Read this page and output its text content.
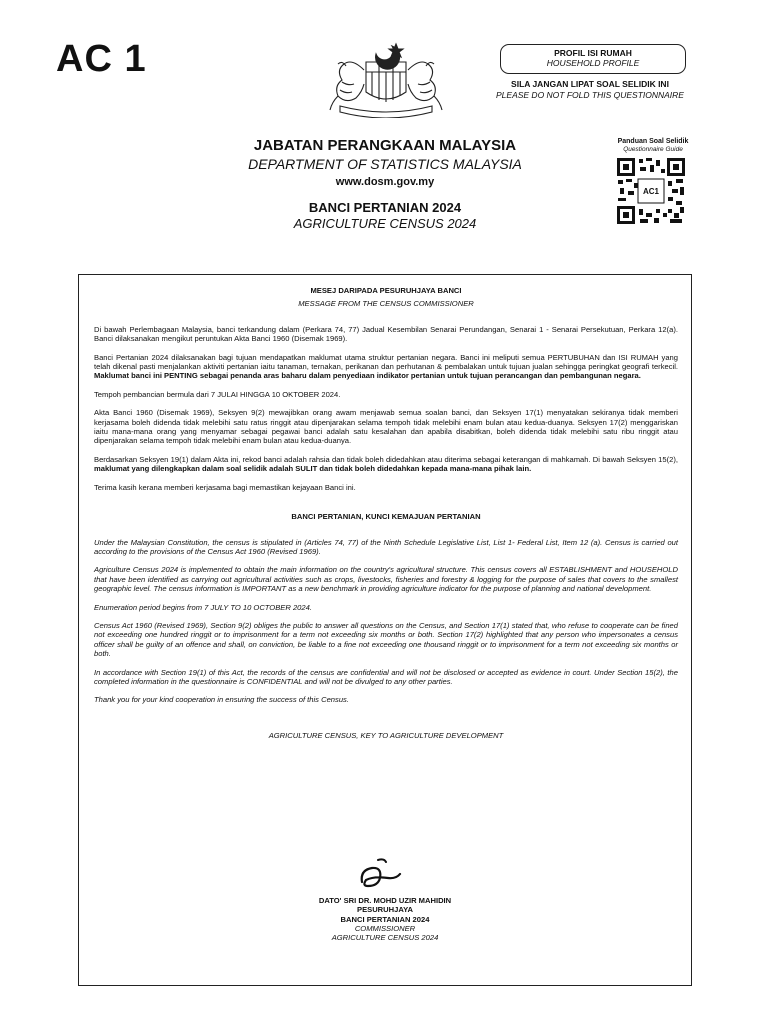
AC 1	PROFIL ISI RUMAH
HOUSEHOLD PROFILE
SILA JANGAN LIPAT SOAL SELIDIK INI
PLEASE DO NOT FOLD THIS QUESTIONNAIRE
JABATAN PERANGKAAN MALAYSIA
DEPARTMENT OF STATISTICS MALAYSIA
www.dosm.gov.my
BANCI PERTANIAN 2024
AGRICULTURE CENSUS 2024
Panduan Soal Selidik
Questionnaire Guide
AC1
MESEJ DARIPADA PESURUHJAYA BANCI
MESSAGE FROM THE CENSUS COMMISSIONER

Di bawah Perlembagaan Malaysia, banci terkandung dalam (Perkara 74, 77) Jadual Kesembilan Senarai Perundangan, Senarai 1 - Senarai Persekutuan, Perkara 12(a). Banci dilaksanakan mengikut peruntukan Akta Banci 1960 (Disemak 1969).

Banci Pertanian 2024 dilaksanakan bagi tujuan mendapatkan maklumat utama struktur pertanian negara. Banci ini meliputi semua PERTUBUHAN dan ISI RUMAH yang telah dikenal pasti menjalankan aktiviti pertanian iaitu tanaman, ternakan, perikanan dan perhutanan & pembalakan untuk tujuan jualan sehingga peringkat geografi terkecil. Maklumat banci ini PENTING sebagai penanda aras baharu dalam penyediaan indikator pertanian untuk tujuan perancangan dan pembangunan negara.

Tempoh pembancian bermula dari 7 JULAI HINGGA 10 OKTOBER 2024.

Akta Banci 1960 (Disemak 1969), Seksyen 9(2) mewajibkan orang awam menjawab semua soalan banci, dan Seksyen 17(1) menyatakan sekiranya tidak memberi kerjasama boleh didenda tidak melebihi satu ratus ringgit atau dipenjarakan selama tempoh tidak melebihi enam bulan atau kedua-duanya. Seksyen 17(2) menggariskan iaitu mana-mana orang yang menyamar sebagai pegawai banci adalah satu kesalahan dan apabila disabitkan, boleh didenda tidak melebihi satu ribu ringgit atau dipenjarakan selama tempoh tidak melebihi enam bulan atau kedua-duanya.

Berdasarkan Seksyen 19(1) dalam Akta ini, rekod banci adalah rahsia dan tidak boleh didedahkan atau diterima sebagai keterangan di mahkamah. Di bawah Seksyen 15(2), maklumat yang dilengkapkan dalam soal selidik adalah SULIT dan tidak boleh didedahkan kepada mana-mana pihak lain.

Terima kasih kerana memberi kerjasama bagi memastikan kejayaan Banci ini.

BANCI PERTANIAN, KUNCI KEMAJUAN PERTANIAN

Under the Malaysian Constitution, the census is stipulated in (Articles 74, 77) of the Ninth Schedule Legislative List, List 1- Federal List, Item 12 (a). Census is carried out according to the provisions of the Census Act 1960 (Revised 1969).

Agriculture Census 2024 is implemented to obtain the main information on the country's agricultural structure. This census covers all ESTABLISHMENT and HOUSEHOLD that have been identified as carrying out agricultural activities such as crops, livestocks, fisheries and forestry & logging for the purpose of sales that covers to the smallest geographic level. The census information is IMPORTANT as a new benchmark in providing agriculture indicator for the purpose of planning and national development.

Enumeration period begins from 7 JULY TO 10 OCTOBER 2024.

Census Act 1960 (Revised 1969), Section 9(2) obliges the public to answer all questions on the Census, and Section 17(1) stated that, who refuse to cooperate can be fined not exceeding one hundred ringgit or to imprisonment for a term not exceeding six months or both. Section 17(2) highlighted that any person who impersonates a census officer shall be guilty of an offence and shall, on conviction, be liable to a fine not exceeding one thousand ringgit or to imprisonment for a term not exceeding six months or both.

In accordance with Section 19(1) of this Act, the records of the census are confidential and will not be disclosed or accepted as evidence in court. Under Section 15(2), the completed information in the questionnaire is CONFIDENTIAL and will not be divulged to any other parties.

Thank you for your kind cooperation in ensuring the success of this Census.

AGRICULTURE CENSUS, KEY TO AGRICULTURE DEVELOPMENT
DATO' SRI DR. MOHD UZIR MAHIDIN
PESURUHJAYA
BANCI PERTANIAN 2024
COMMISSIONER
AGRICULTURE CENSUS 2024
